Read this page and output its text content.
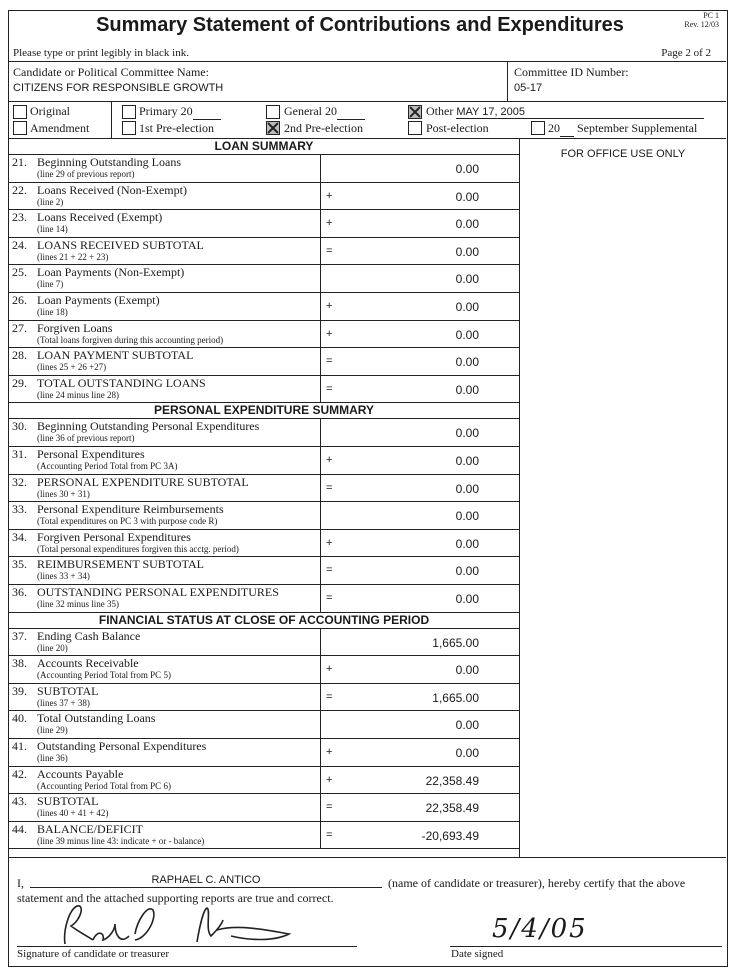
Summary Statement of Contributions and Expenditures	PC 1
Rev. 12/03
Please type or print legibly in black ink.	Page 2 of 2
Candidate or Political Committee Name:
CITIZENS FOR RESPONSIBLE GROWTH
Committee ID Number:
05-17
Original
Amendment
Primary 20
1st Pre-election
General 20
2nd Pre-election
Other MAY 17, 2005
Post-election	20 September Supplemental
FOR OFFICE USE ONLY
LOAN SUMMARY
21. Beginning Outstanding Loans
(line 29 of previous report)	0.00
22. Loans Received (Non-Exempt)
(line 2)	+	0.00
23. Loans Received (Exempt)
(line 14)	+	0.00
24. LOANS RECEIVED SUBTOTAL
(lines 21 + 22 + 23)	=	0.00
25. Loan Payments (Non-Exempt)
(line 7)	0.00
26. Loan Payments (Exempt)
(line 18)	+	0.00
27. Forgiven Loans
(Total loans forgiven during this accounting period)	+	0.00
28. LOAN PAYMENT SUBTOTAL
(lines 25 + 26 +27)	=	0.00
29. TOTAL OUTSTANDING LOANS
(line 24 minus line 28)	=	0.00
PERSONAL EXPENDITURE SUMMARY
30. Beginning Outstanding Personal Expenditures
(line 36 of previous report)	0.00
31. Personal Expenditures
(Accounting Period Total from PC 3A)	+	0.00
32. PERSONAL EXPENDITURE SUBTOTAL
(lines 30 + 31)	=	0.00
33. Personal Expenditure Reimbursements
(Total expenditures on PC 3 with purpose code R)	0.00
34. Forgiven Personal Expenditures
(Total personal expenditures forgiven this acctg. period)	+	0.00
35. REIMBURSEMENT SUBTOTAL
(lines 33 + 34)	=	0.00
36. OUTSTANDING PERSONAL EXPENDITURES
(line 32 minus line 35)	=	0.00
FINANCIAL STATUS AT CLOSE OF ACCOUNTING PERIOD
37. Ending Cash Balance
(line 20)	1,665.00
38. Accounts Receivable
(Accounting Period Total from PC 5)	+	0.00
39. SUBTOTAL
(lines 37 + 38)	=	1,665.00
40. Total Outstanding Loans
(line 29)	0.00
41. Outstanding Personal Expenditures
(line 36)	+	0.00
42. Accounts Payable
(Accounting Period Total from PC 6)	+	22,358.49
43. SUBTOTAL
(lines 40 + 41 + 42)	=	22,358.49
44. BALANCE/DEFICIT
(line 39 minus line 43: indicate + or - balance)	=	-20,693.49
I,	RAPHAEL C. ANTICO	(name of candidate or treasurer), hereby certify that the above
statement and the attached supporting reports are true and correct.
Signature of candidate or treasurer
5/4/05
Date signed
